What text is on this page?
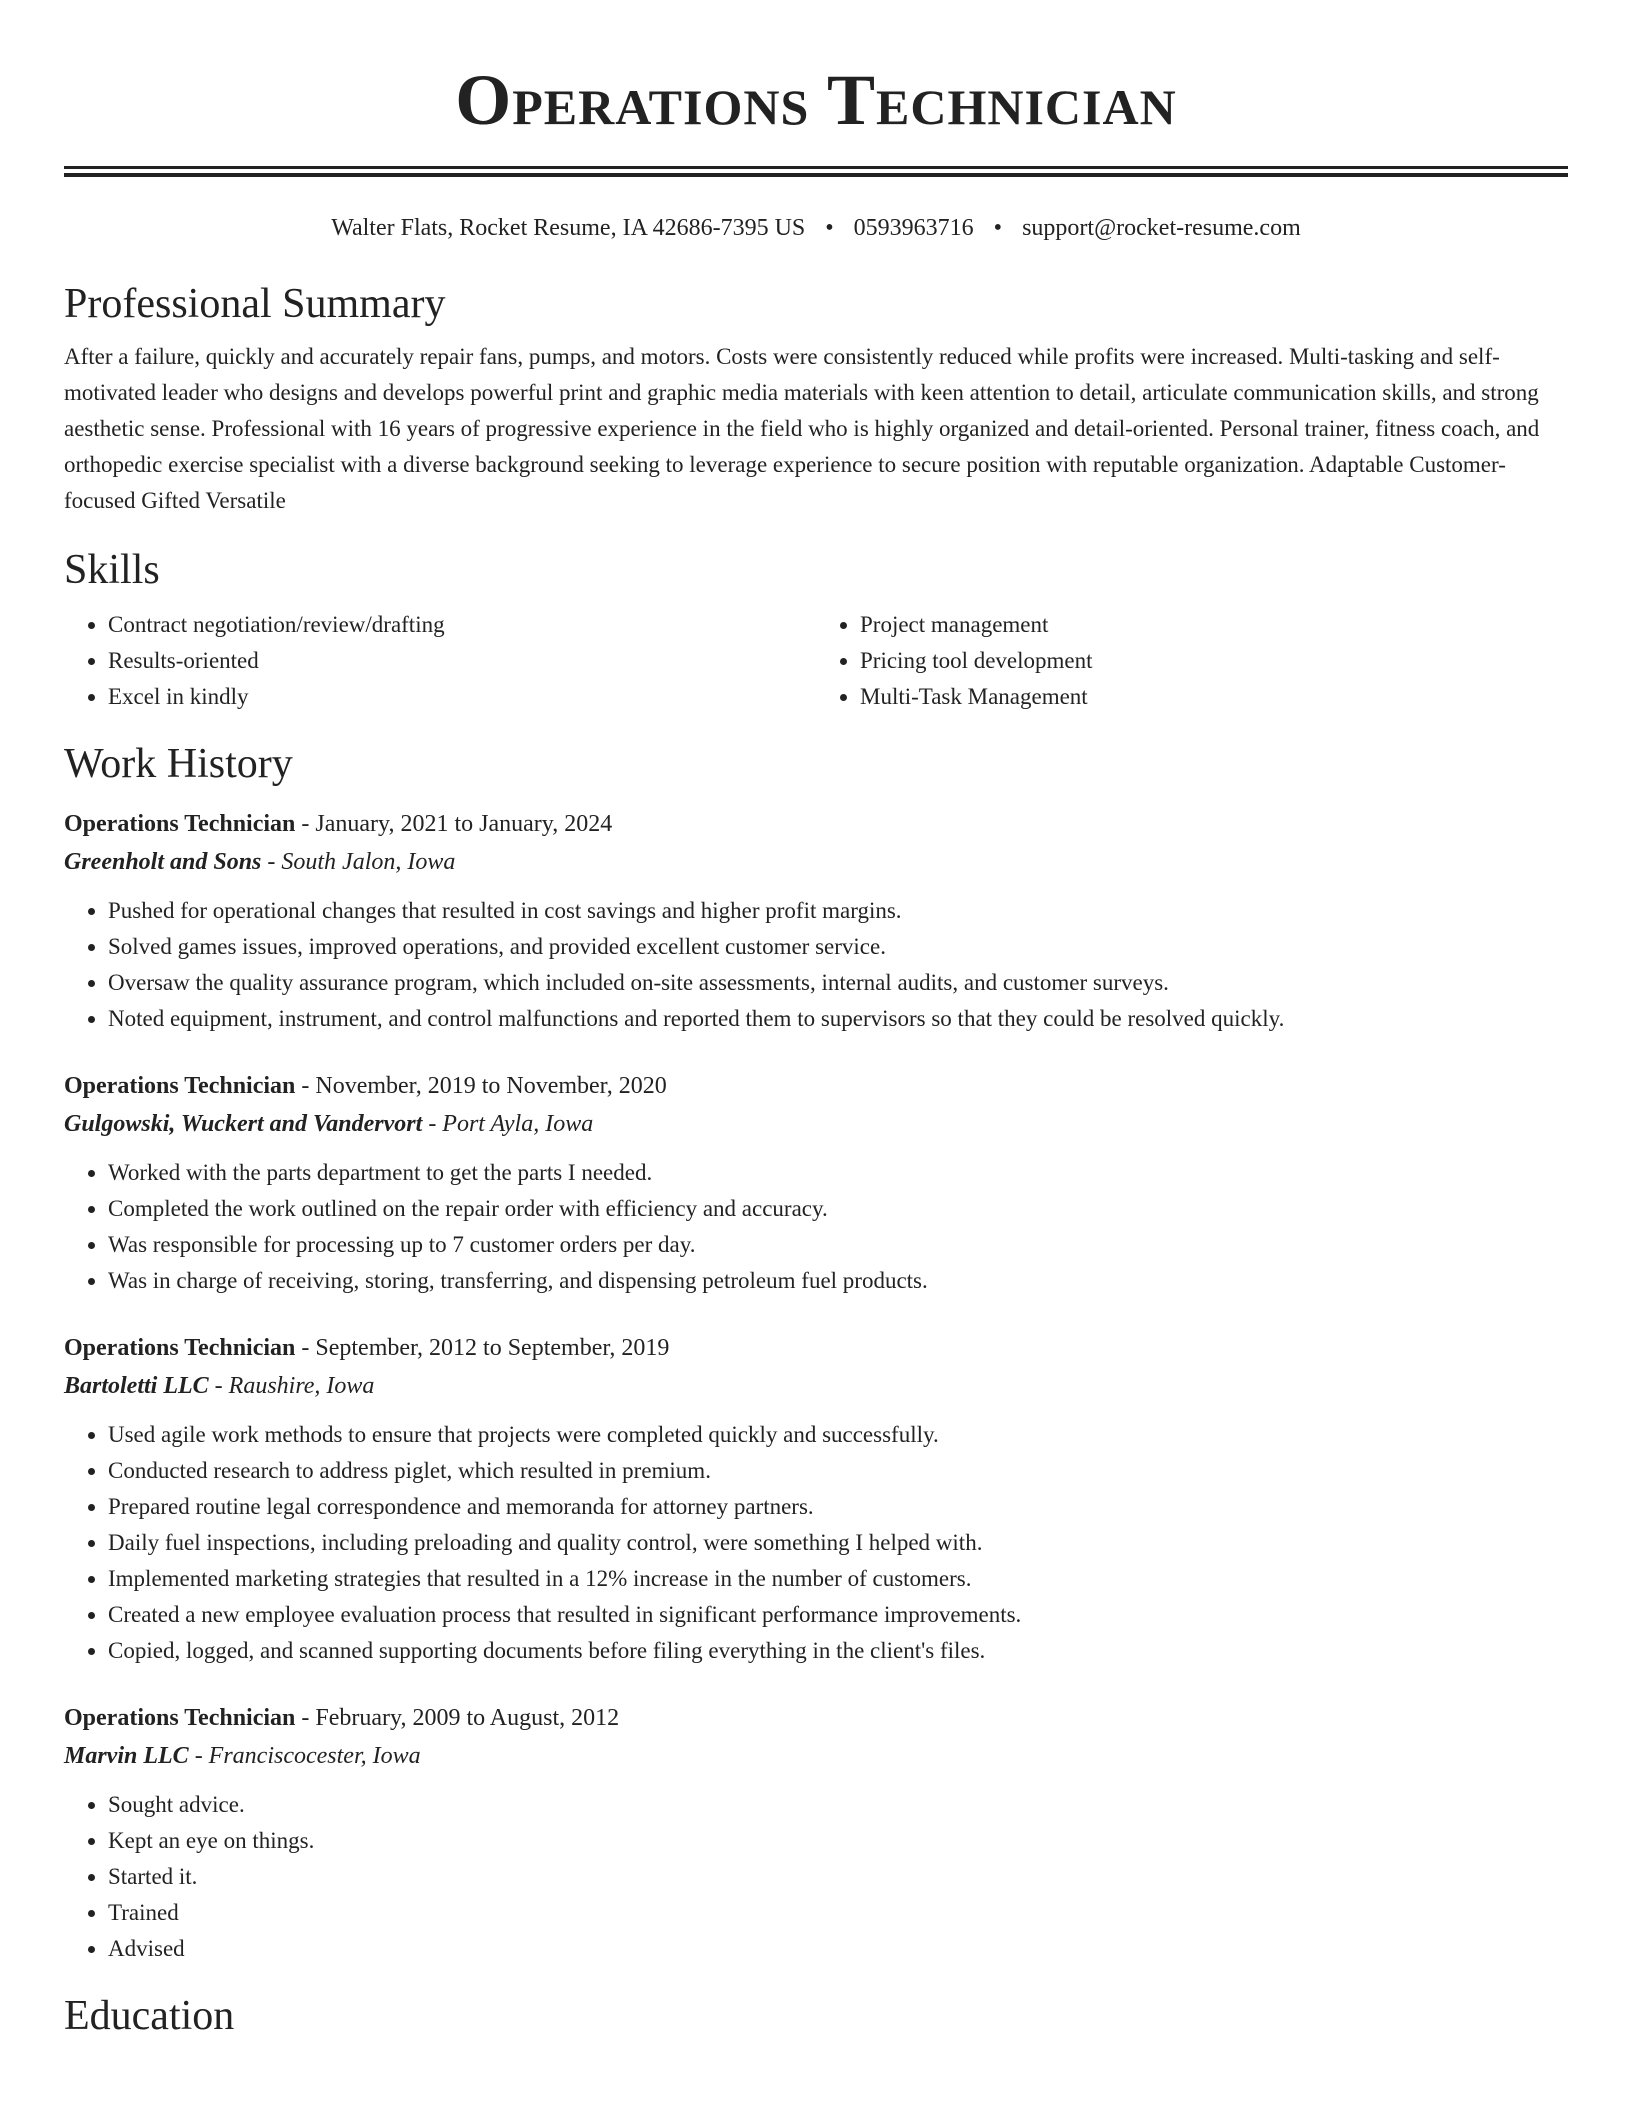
Operations Technician
Walter Flats, Rocket Resume, IA 42686-7395 US • 0593963716 • support@rocket-resume.com
Professional Summary

After a failure, quickly and accurately repair fans, pumps, and motors. Costs were consistently reduced while profits were increased. Multi-tasking and self-motivated leader who designs and develops powerful print and graphic media materials with keen attention to detail, articulate communication skills, and strong aesthetic sense. Professional with 16 years of progressive experience in the field who is highly organized and detail-oriented. Personal trainer, fitness coach, and orthopedic exercise specialist with a diverse background seeking to leverage experience to secure position with reputable organization. Adaptable Customer-focused Gifted Versatile

Skills
• Contract negotiation/review/drafting
• Results-oriented
• Excel in kindly
• Project management
• Pricing tool development
• Multi-Task Management
Work History
Operations Technician - January, 2021 to January, 2024
Greenholt and Sons - South Jalon, Iowa
• Pushed for operational changes that resulted in cost savings and higher profit margins.
• Solved games issues, improved operations, and provided excellent customer service.
• Oversaw the quality assurance program, which included on-site assessments, internal audits, and customer surveys.
• Noted equipment, instrument, and control malfunctions and reported them to supervisors so that they could be resolved quickly.
Operations Technician - November, 2019 to November, 2020
Gulgowski, Wuckert and Vandervort - Port Ayla, Iowa
• Worked with the parts department to get the parts I needed.
• Completed the work outlined on the repair order with efficiency and accuracy.
• Was responsible for processing up to 7 customer orders per day.
• Was in charge of receiving, storing, transferring, and dispensing petroleum fuel products.
Operations Technician - September, 2012 to September, 2019
Bartoletti LLC - Raushire, Iowa
• Used agile work methods to ensure that projects were completed quickly and successfully.
• Conducted research to address piglet, which resulted in premium.
• Prepared routine legal correspondence and memoranda for attorney partners.
• Daily fuel inspections, including preloading and quality control, were something I helped with.
• Implemented marketing strategies that resulted in a 12% increase in the number of customers.
• Created a new employee evaluation process that resulted in significant performance improvements.
• Copied, logged, and scanned supporting documents before filing everything in the client's files.
Operations Technician - February, 2009 to August, 2012
Marvin LLC - Franciscocester, Iowa
• Sought advice.
• Kept an eye on things.
• Started it.
• Trained
• Advised
Education
